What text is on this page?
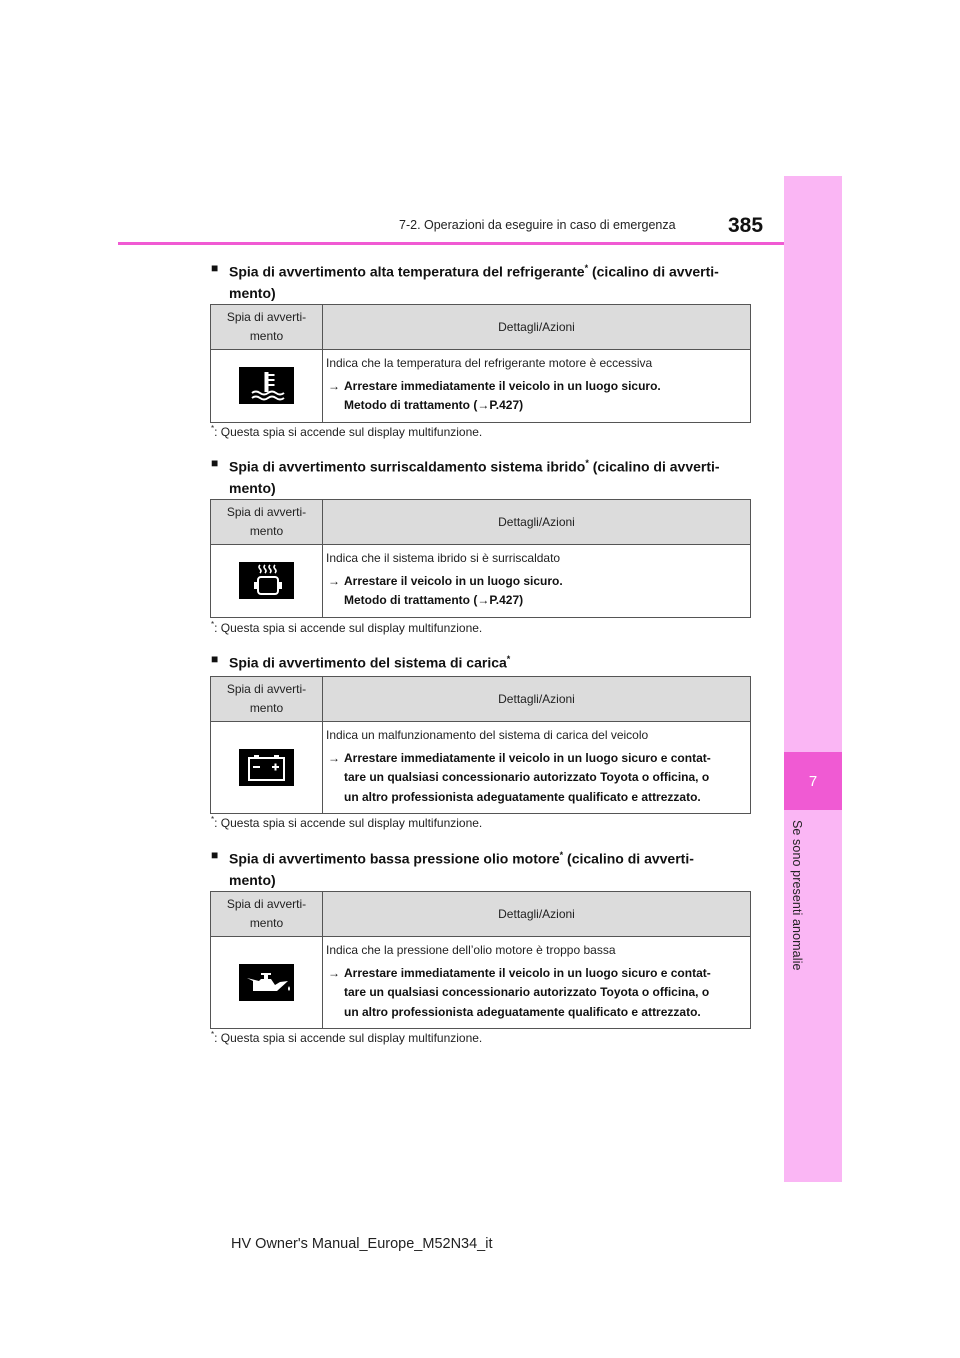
7
Se sono presenti anomalie
7-2. Operazioni da eseguire in caso di emergenza 385
■ Spia di avvertimento alta temperatura del refrigerante* (cicalino di avverti-
mento)
Spia di avverti-
mento	Dettagli/Azioni

Indica che la temperatura del refrigerante motore è eccessiva
→ Arrestare immediatamente il veicolo in un luogo sicuro.
Metodo di trattamento (→P.427)
*: Questa spia si accende sul display multifunzione.
■ Spia di avvertimento surriscaldamento sistema ibrido* (cicalino di avverti-
mento)
Spia di avverti-
mento	Dettagli/Azioni

Indica che il sistema ibrido si è surriscaldato
→ Arrestare il veicolo in un luogo sicuro.
Metodo di trattamento (→P.427)
*: Questa spia si accende sul display multifunzione.
■ Spia di avvertimento del sistema di carica*
Spia di avverti-
mento	Dettagli/Azioni

Indica un malfunzionamento del sistema di carica del veicolo
→ Arrestare immediatamente il veicolo in un luogo sicuro e contat-
tare un qualsiasi concessionario autorizzato Toyota o officina, o
un altro professionista adeguatamente qualificato e attrezzato.
*: Questa spia si accende sul display multifunzione.
■ Spia di avvertimento bassa pressione olio motore* (cicalino di avverti-
mento)
Spia di avverti-
mento	Dettagli/Azioni

Indica che la pressione dell’olio motore è troppo bassa
→ Arrestare immediatamente il veicolo in un luogo sicuro e contat-
tare un qualsiasi concessionario autorizzato Toyota o officina, o
un altro professionista adeguatamente qualificato e attrezzato.
*: Questa spia si accende sul display multifunzione.
HV Owner's Manual_Europe_M52N34_it
